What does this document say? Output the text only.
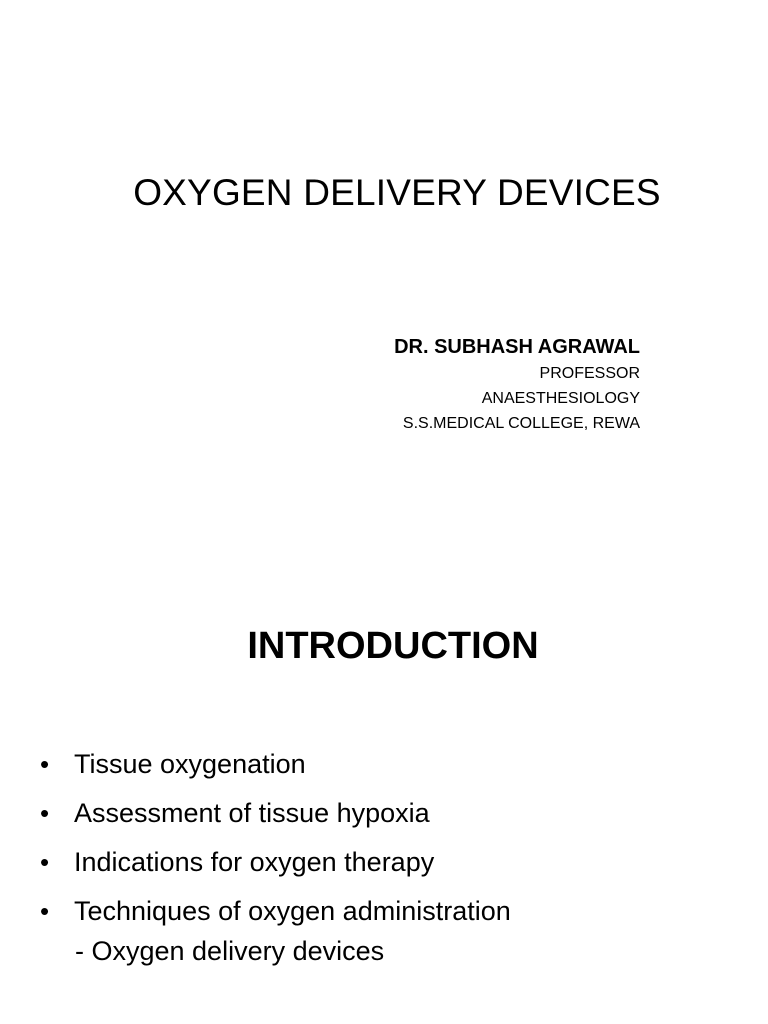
OXYGEN DELIVERY DEVICES
DR. SUBHASH AGRAWAL
PROFESSOR
ANAESTHESIOLOGY
S.S.MEDICAL COLLEGE, REWA
INTRODUCTION
• Tissue oxygenation
• Assessment of tissue hypoxia
• Indications for oxygen therapy
• Techniques of oxygen administration
- Oxygen delivery devices
